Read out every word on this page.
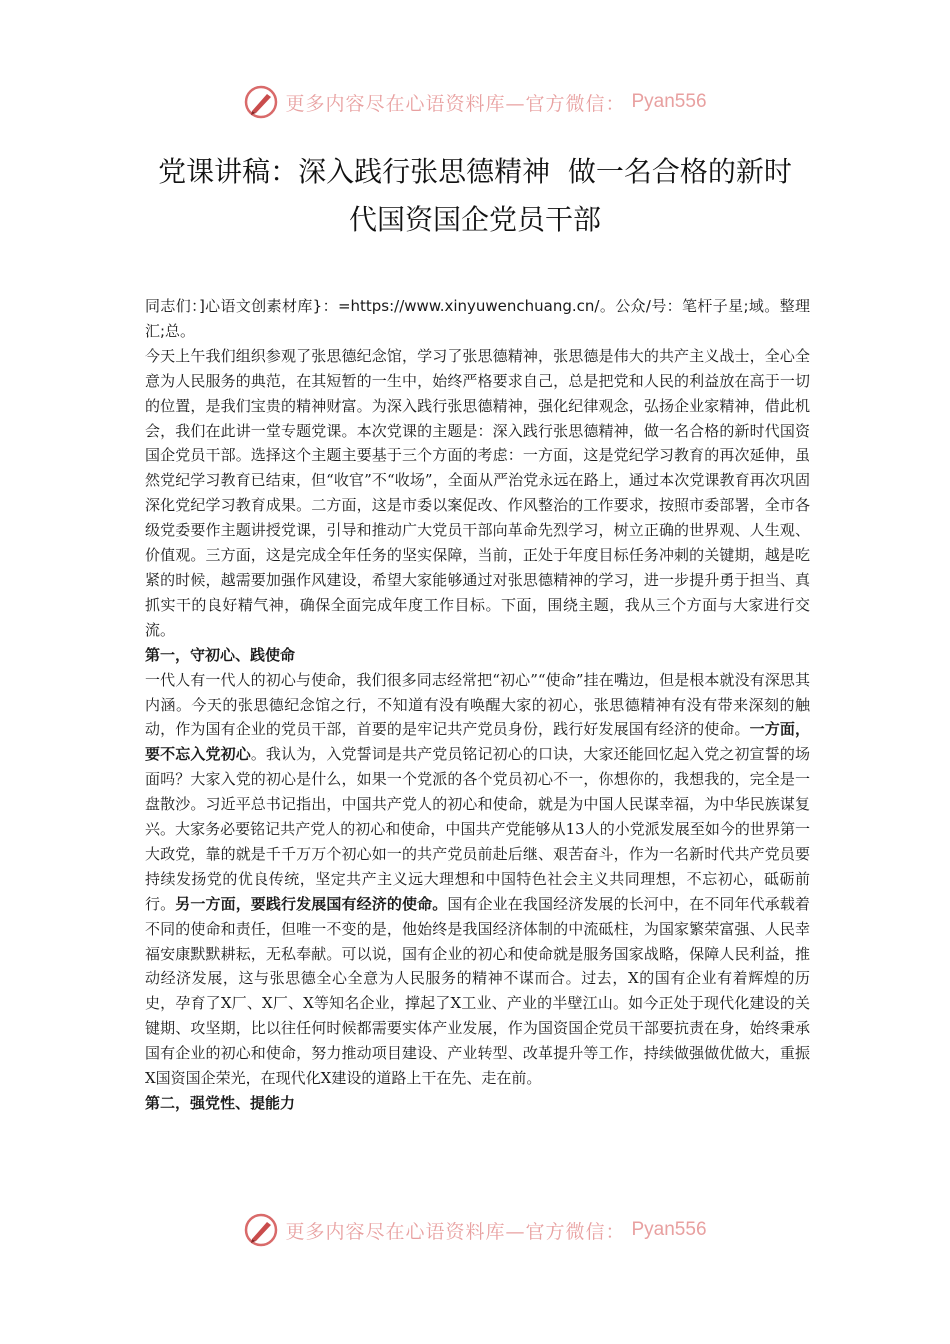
更多内容尽在心语资料库—官方微信： Pyan556
党课讲稿：深入践行张思德精神  做一名合格的新时
代国资国企党员干部

同志们：]心语文创素材库}：=https://www.xinyuwenchuang.cn/。公众/号：笔杆子星;域。整理汇;总。

今天上午我们组织参观了张思德纪念馆，学习了张思德精神，张思德是伟大的共产主义战士，全心全意为人民服务的典范，在其短暂的一生中，始终严格要求自己，总是把党和人民的利益放在高于一切的位置，是我们宝贵的精神财富。为深入践行张思德精神，强化纪律观念，弘扬企业家精神，借此机会，我们在此讲一堂专题党课。本次党课的主题是：深入践行张思德精神，做一名合格的新时代国资国企党员干部。选择这个主题主要基于三个方面的考虑：一方面，这是党纪学习教育的再次延伸，虽然党纪学习教育已结束，但“收官”不“收场”，全面从严治党永远在路上，通过本次党课教育再次巩固深化党纪学习教育成果。二方面，这是市委以案促改、作风整治的工作要求，按照市委部署，全市各级党委要作主题讲授党课，引导和推动广大党员干部向革命先烈学习，树立正确的世界观、人生观、价值观。三方面，这是完成全年任务的坚实保障，当前，正处于年度目标任务冲刺的关键期，越是吃紧的时候，越需要加强作风建设，希望大家能够通过对张思德精神的学习，进一步提升勇于担当、真抓实干的良好精气神，确保全面完成年度工作目标。下面，围绕主题，我从三个方面与大家进行交流。

第一，守初心、践使命

一代人有一代人的初心与使命，我们很多同志经常把“初心”“使命”挂在嘴边，但是根本就没有深思其内涵。今天的张思德纪念馆之行，不知道有没有唤醒大家的初心，张思德精神有没有带来深刻的触动，作为国有企业的党员干部，首要的是牢记共产党员身份，践行好发展国有经济的使命。一方面，要不忘入党初心。我认为，入党誓词是共产党员铭记初心的口诀，大家还能回忆起入党之初宣誓的场面吗？大家入党的初心是什么，如果一个党派的各个党员初心不一，你想你的，我想我的，完全是一盘散沙。习近平总书记指出，中国共产党人的初心和使命，就是为中国人民谋幸福，为中华民族谋复兴。大家务必要铭记共产党人的初心和使命，中国共产党能够从13人的小党派发展至如今的世界第一大政党，靠的就是千千万万个初心如一的共产党员前赴后继、艰苦奋斗，作为一名新时代共产党员要持续发扬党的优良传统，坚定共产主义远大理想和中国特色社会主义共同理想，不忘初心，砥砺前行。另一方面，要践行发展国有经济的使命。国有企业在我国经济发展的长河中，在不同年代承载着不同的使命和责任，但唯一不变的是，他始终是我国经济体制的中流砥柱，为国家繁荣富强、人民幸福安康默默耕耘，无私奉献。可以说，国有企业的初心和使命就是服务国家战略，保障人民利益，推动经济发展，这与张思德全心全意为人民服务的精神不谋而合。过去，X的国有企业有着辉煌的历史，孕育了X厂、X厂、X等知名企业，撑起了X工业、产业的半壁江山。如今正处于现代化建设的关键期、攻坚期，比以往任何时候都需要实体产业发展，作为国资国企党员干部要抗责在身，始终秉承国有企业的初心和使命，努力推动项目建设、产业转型、改革提升等工作，持续做强做优做大，重振X国资国企荣光，在现代化X建设的道路上干在先、走在前。

第二，强党性、提能力

更多内容尽在心语资料库—官方微信： Pyan556
